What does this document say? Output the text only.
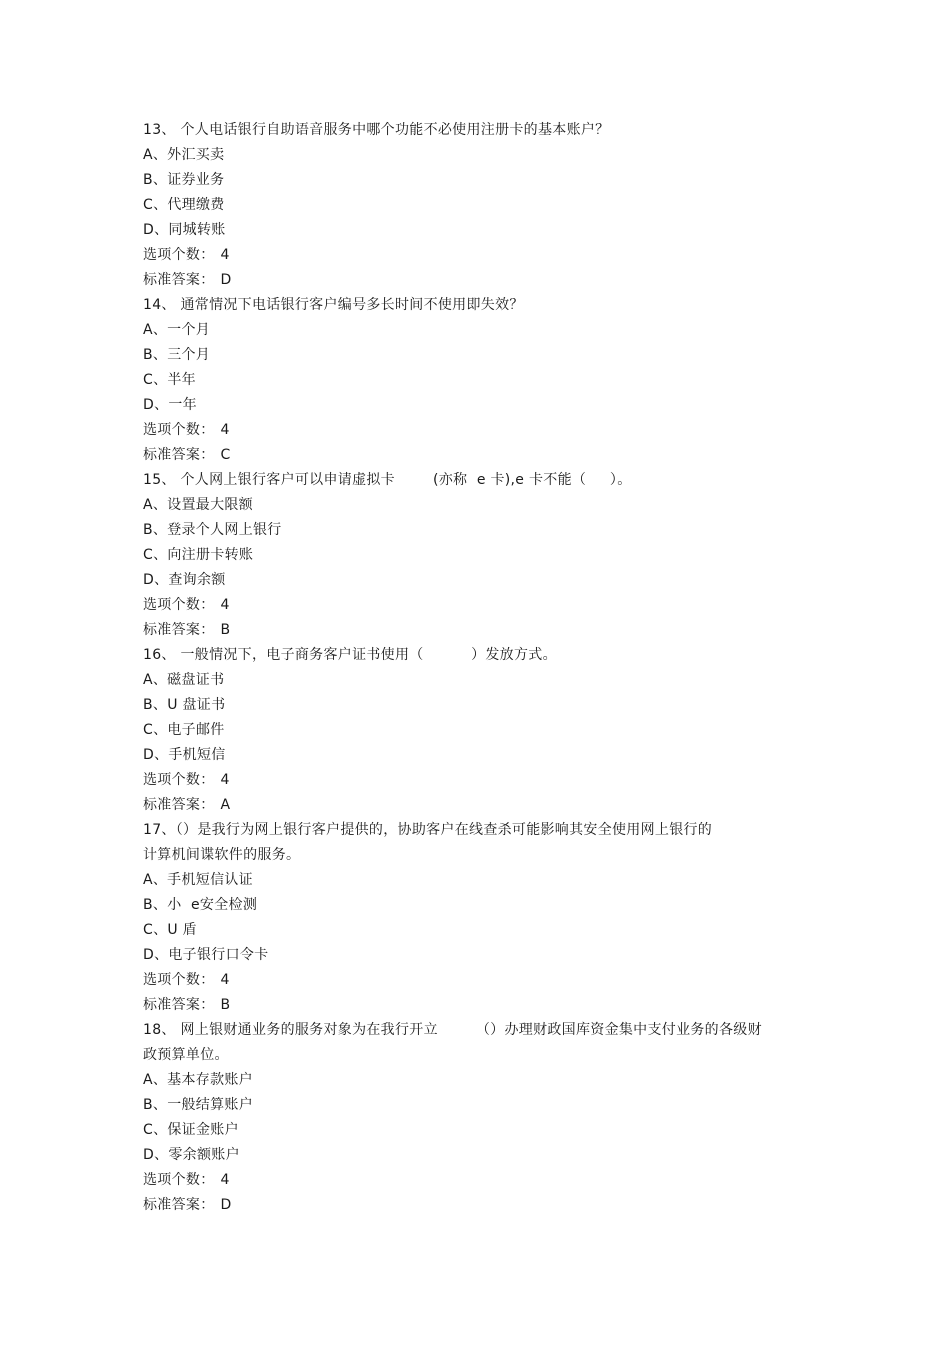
13、 个人电话银行自助语音服务中哪个功能不必使用注册卡的基本账户？
A、外汇买卖
B、证券业务
C、代理缴费
D、同城转账
选项个数： 4
标准答案： D
14、 通常情况下电话银行客户编号多长时间不使用即失效？
A、一个月
B、三个月
C、半年
D、一年
选项个数： 4
标准答案： C
15、 个人网上银行客户可以申请虚拟卡        (亦称  e 卡),e 卡不能（     ）。
A、设置最大限额
B、登录个人网上银行
C、向注册卡转账
D、查询余额
选项个数： 4
标准答案： B
16、 一般情况下，电子商务客户证书使用（          ）发放方式。
A、磁盘证书
B、U 盘证书
C、电子邮件
D、手机短信
选项个数： 4
标准答案： A
17、（）是我行为网上银行客户提供的，协助客户在线查杀可能影响其安全使用网上银行的
计算机间谍软件的服务。
A、手机短信认证
B、小  e安全检测
C、U 盾
D、电子银行口令卡
选项个数： 4
标准答案： B
18、 网上银财通业务的服务对象为在我行开立        （）办理财政国库资金集中支付业务的各级财
政预算单位。
A、基本存款账户
B、一般结算账户
C、保证金账户
D、零余额账户
选项个数： 4
标准答案： D
